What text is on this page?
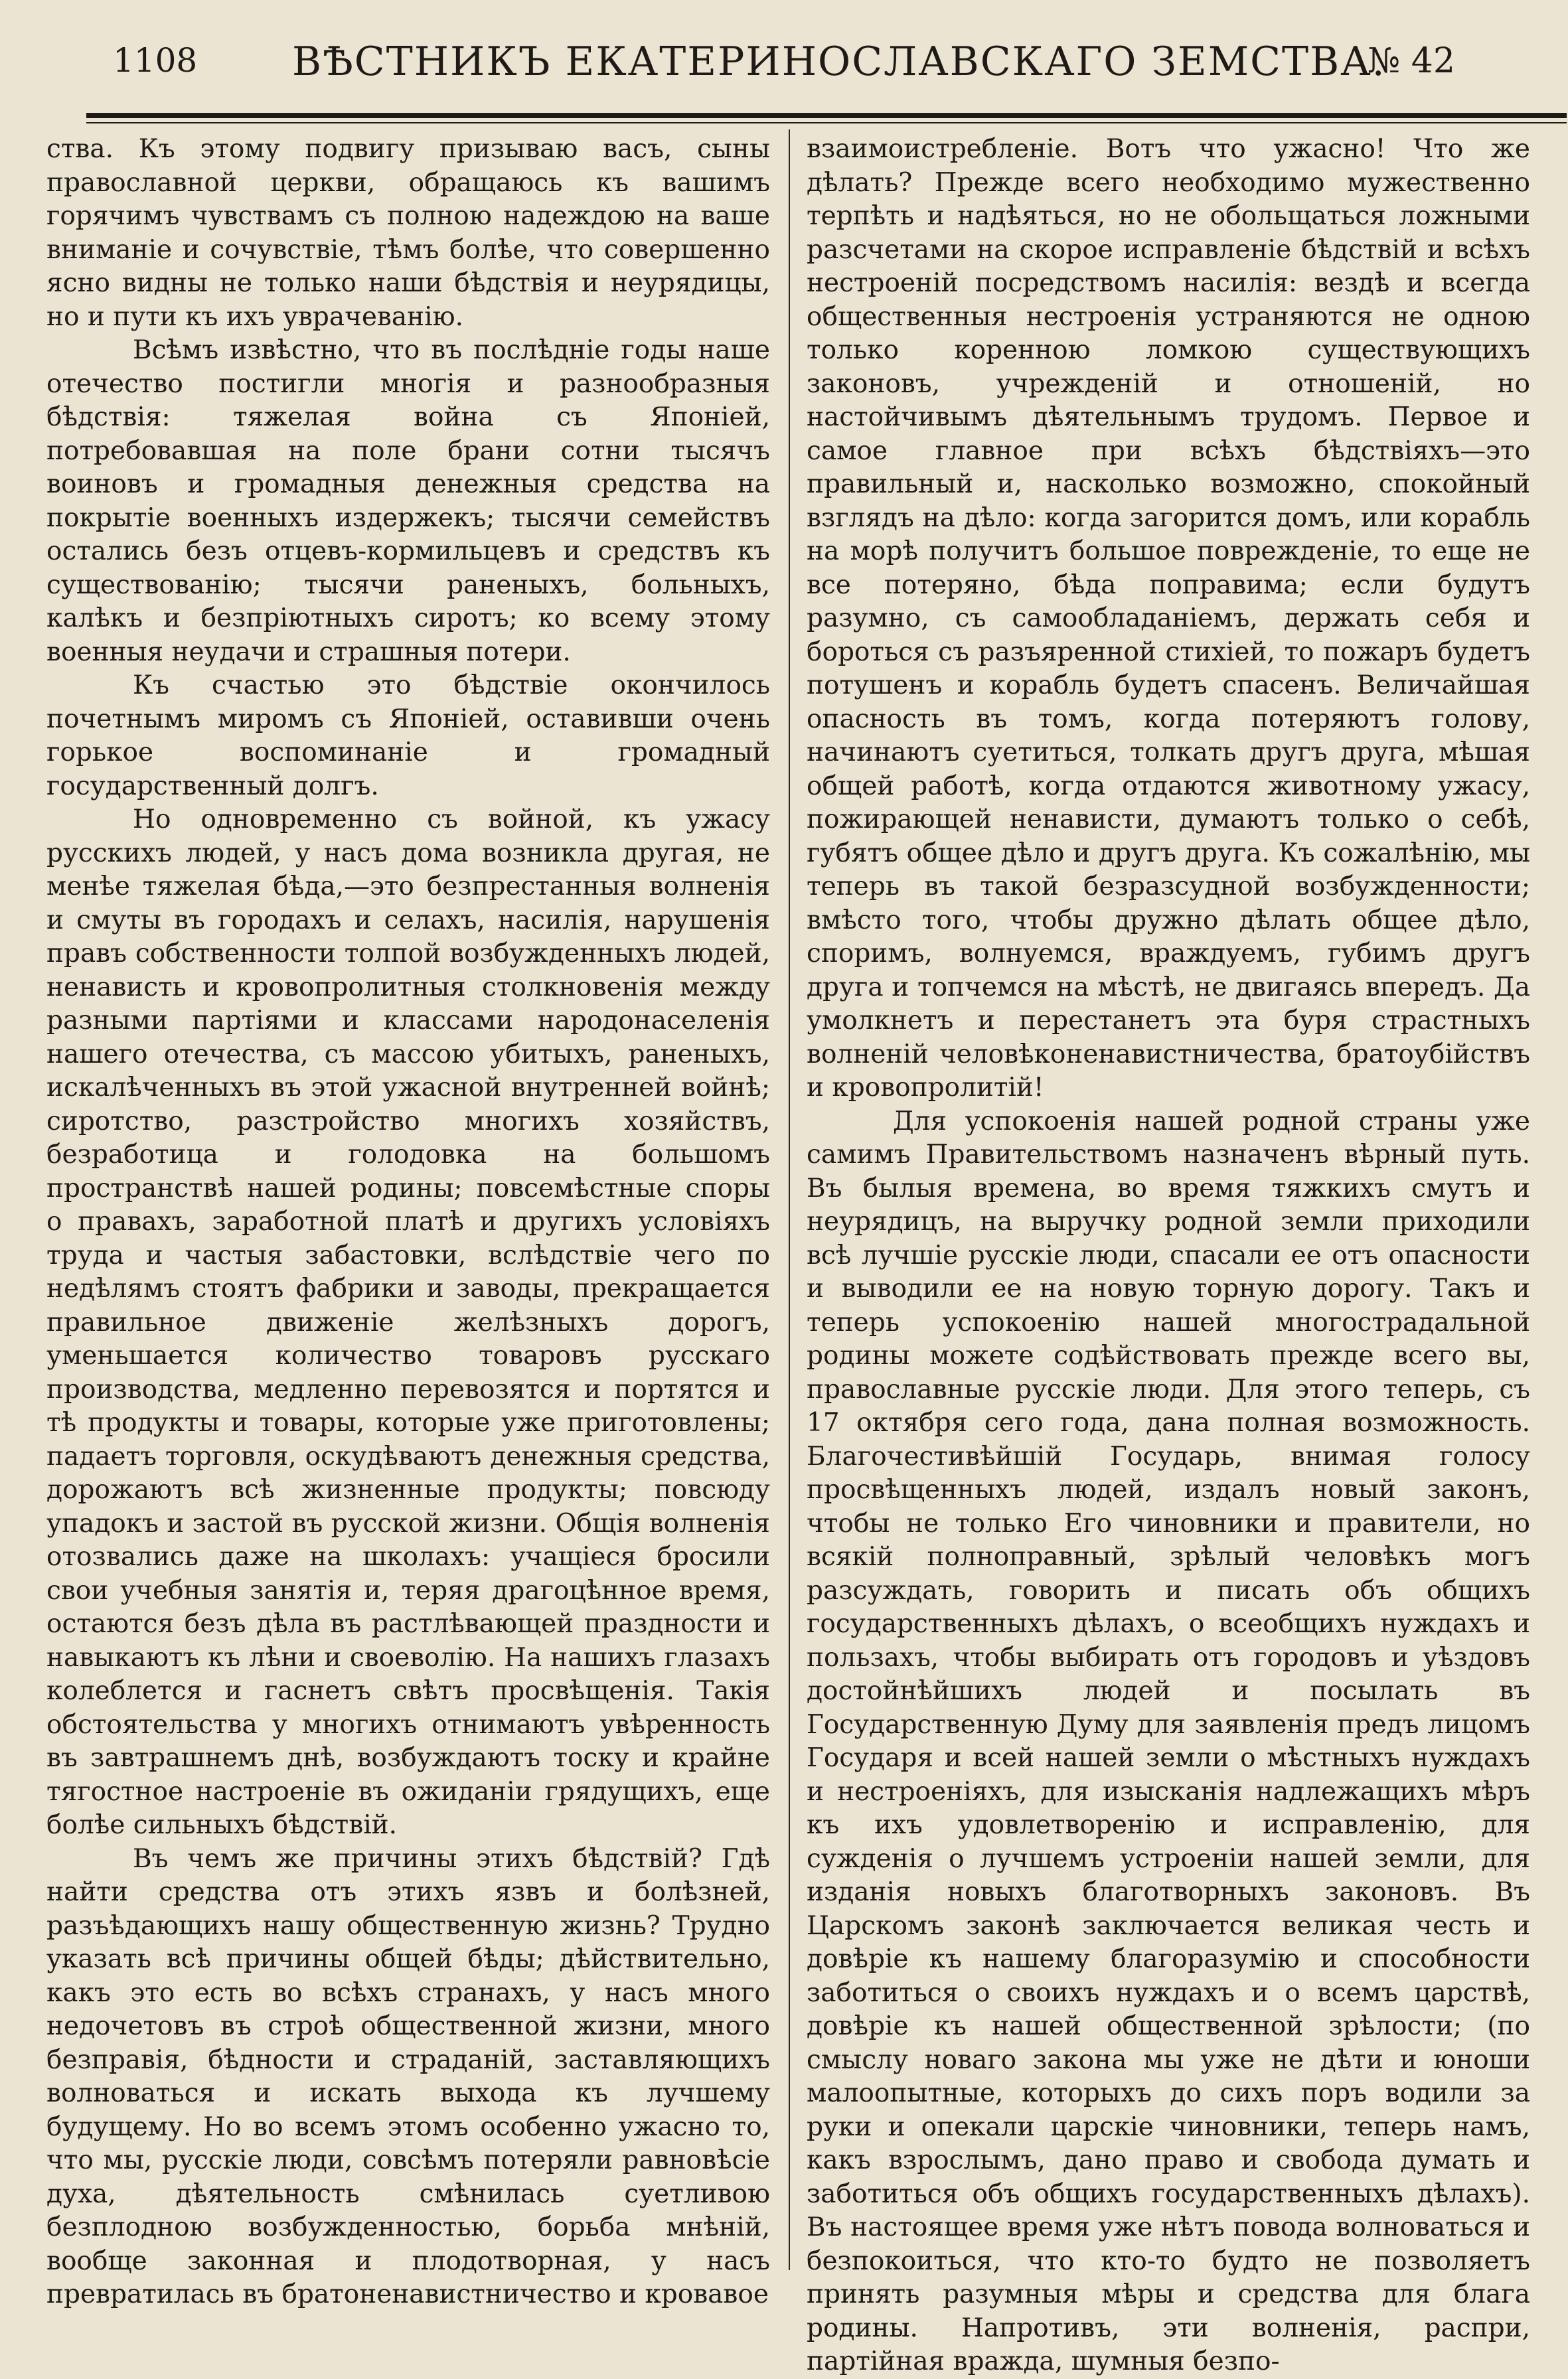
1108 ВѢСТНИКЪ ЕКАТЕРИНОСЛАВСКАГО ЗЕМСТВА.
№ 42

ства. Къ этому подвигу призываю васъ, сыны православной церкви, обращаюсь къ вашимъ горячимъ чувствамъ съ полною надеждою на ваше вниманіе и сочувствіе, тѣмъ болѣе, что совершенно ясно видны не только наши бѣдствія и неурядицы, но и пути къ ихъ уврачеванію.

Всѣмъ извѣстно, что въ послѣдніе годы наше отечество постигли многія и разнообразныя бѣдствія: тяжелая война съ Японіей, потребовавшая на поле брани сотни тысячъ воиновъ и громадныя денежныя средства на покрытіе военныхъ издержекъ; тысячи семействъ остались безъ отцевъ-кормильцевъ и средствъ къ существованію; тысячи раненыхъ, больныхъ, калѣкъ и безпріютныхъ сиротъ; ко всему этому военныя неудачи и страшныя потери.

Къ счастью это бѣдствіе окончилось почетнымъ миромъ съ Японіей, оставивши очень горькое воспоминаніе и громадный государственный долгъ.

Но одновременно съ войной, къ ужасу русскихъ людей, у насъ дома возникла другая, не менѣе тяжелая бѣда,—это безпрестанныя волненія и смуты въ городахъ и селахъ, насилія, нарушенія правъ собственности толпой возбужденныхъ людей, ненависть и кровопролитныя столкновенія между разными партіями и классами народонаселенія нашего отечества, съ массою убитыхъ, раненыхъ, искалѣченныхъ въ этой ужасной внутренней войнѣ; сиротство, разстройство многихъ хозяйствъ, безработица и голодовка на большомъ пространствѣ нашей родины; повсемѣстные споры о правахъ, заработной платѣ и другихъ условіяхъ труда и частыя забастовки, вслѣдствіе чего по недѣлямъ стоятъ фабрики и заводы, прекращается правильное движеніе желѣзныхъ дорогъ, уменьшается количество товаровъ русскаго производства, медленно перевозятся и портятся и тѣ продукты и товары, которые уже приготовлены; падаетъ торговля, оскудѣваютъ денежныя средства, дорожаютъ всѣ жизненные продукты; повсюду упадокъ и застой въ русской жизни. Общія волненія отозвались даже на школахъ: учащіеся бросили свои учебныя занятія и, теряя драгоцѣнное время, остаются безъ дѣла въ растлѣвающей праздности и навыкаютъ къ лѣни и своеволію. На нашихъ глазахъ колеблется и гаснетъ свѣтъ просвѣщенія. Такія обстоятельства у многихъ отнимаютъ увѣренность въ завтрашнемъ днѣ, возбуждаютъ тоску и крайне тягостное настроеніе въ ожиданіи грядущихъ, еще болѣе сильныхъ бѣдствій.

Въ чемъ же причины этихъ бѣдствій? Гдѣ найти средства отъ этихъ язвъ и болѣзней, разъѣдающихъ нашу общественную жизнь? Трудно указать всѣ причины общей бѣды; дѣйствительно, какъ это есть во всѣхъ странахъ, у насъ много недочетовъ въ строѣ общественной жизни, много безправія, бѣдности и страданій, заставляющихъ волноваться и искать выхода къ лучшему будущему. Но во всемъ этомъ особенно ужасно то, что мы, русскіе люди, совсѣмъ потеряли равновѣсіе духа, дѣятельность смѣнилась суетливою безплодною возбужденностью, борьба мнѣній, вообще законная и плодотворная, у насъ превратилась въ братоненавистничество и кровавое

взаимоистребленіе. Вотъ что ужасно! Что же дѣлать? Прежде всего необходимо мужественно терпѣть и надѣяться, но не обольщаться ложными разсчетами на скорое исправленіе бѣдствій и всѣхъ нестроеній посредствомъ насилія: вездѣ и всегда общественныя нестроенія устраняются не одною только коренною ломкою существующихъ законовъ, учрежденій и отношеній, но настойчивымъ дѣятельнымъ трудомъ. Первое и самое главное при всѣхъ бѣдствіяхъ—это правильный и, насколько возможно, спокойный взглядъ на дѣло: когда загорится домъ, или корабль на морѣ получитъ большое поврежденіе, то еще не все потеряно, бѣда поправима; если будутъ разумно, съ самообладаніемъ, держать себя и бороться съ разъяренной стихіей, то пожаръ будетъ потушенъ и корабль будетъ спасенъ. Величайшая опасность въ томъ, когда потеряютъ голову, начинаютъ суетиться, толкать другъ друга, мѣшая общей работѣ, когда отдаются животному ужасу, пожирающей ненависти, думаютъ только о себѣ, губятъ общее дѣло и другъ друга. Къ сожалѣнію, мы теперь въ такой безразсудной возбужденности; вмѣсто того, чтобы дружно дѣлать общее дѣло, споримъ, волнуемся, враждуемъ, губимъ другъ друга и топчемся на мѣстѣ, не двигаясь впередъ. Да умолкнетъ и перестанетъ эта буря страстныхъ волненій человѣконенавистничества, братоубійствъ и кровопролитій!

Для успокоенія нашей родной страны уже самимъ Правительствомъ назначенъ вѣрный путь. Въ былыя времена, во время тяжкихъ смутъ и неурядицъ, на выручку родной земли приходили всѣ лучшіе русскіе люди, спасали ее отъ опасности и выводили ее на новую торную дорогу. Такъ и теперь успокоенію нашей многострадальной родины можете содѣйствовать прежде всего вы, православные русскіе люди. Для этого теперь, съ 17 октября сего года, дана полная возможность. Благочестивѣйшій Государь, внимая голосу просвѣщенныхъ людей, издалъ новый законъ, чтобы не только Его чиновники и правители, но всякій полноправный, зрѣлый человѣкъ могъ разсуждать, говорить и писать объ общихъ государственныхъ дѣлахъ, о всеобщихъ нуждахъ и пользахъ, чтобы выбирать отъ городовъ и уѣздовъ достойнѣйшихъ людей и посылать въ Государственную Думу для заявленія предъ лицомъ Государя и всей нашей земли о мѣстныхъ нуждахъ и нестроеніяхъ, для изысканія надлежащихъ мѣръ къ ихъ удовлетворенію и исправленію, для сужденія о лучшемъ устроеніи нашей земли, для изданія новыхъ благотворныхъ законовъ. Въ Царскомъ законѣ заключается великая честь и довѣріе къ нашему благоразумію и способности заботиться о своихъ нуждахъ и о всемъ царствѣ, довѣріе къ нашей общественной зрѣлости; (по смыслу новаго закона мы уже не дѣти и юноши малоопытные, которыхъ до сихъ поръ водили за руки и опекали царскіе чиновники, теперь намъ, какъ взрослымъ, дано право и свобода думать и заботиться объ общихъ государственныхъ дѣлахъ). Въ настоящее время уже нѣтъ повода волноваться и безпокоиться, что кто-то будто не позволяетъ принять разумныя мѣры и средства для блага родины. Напротивъ, эти волненія, распри, партійная вражда, шумныя безпо-
